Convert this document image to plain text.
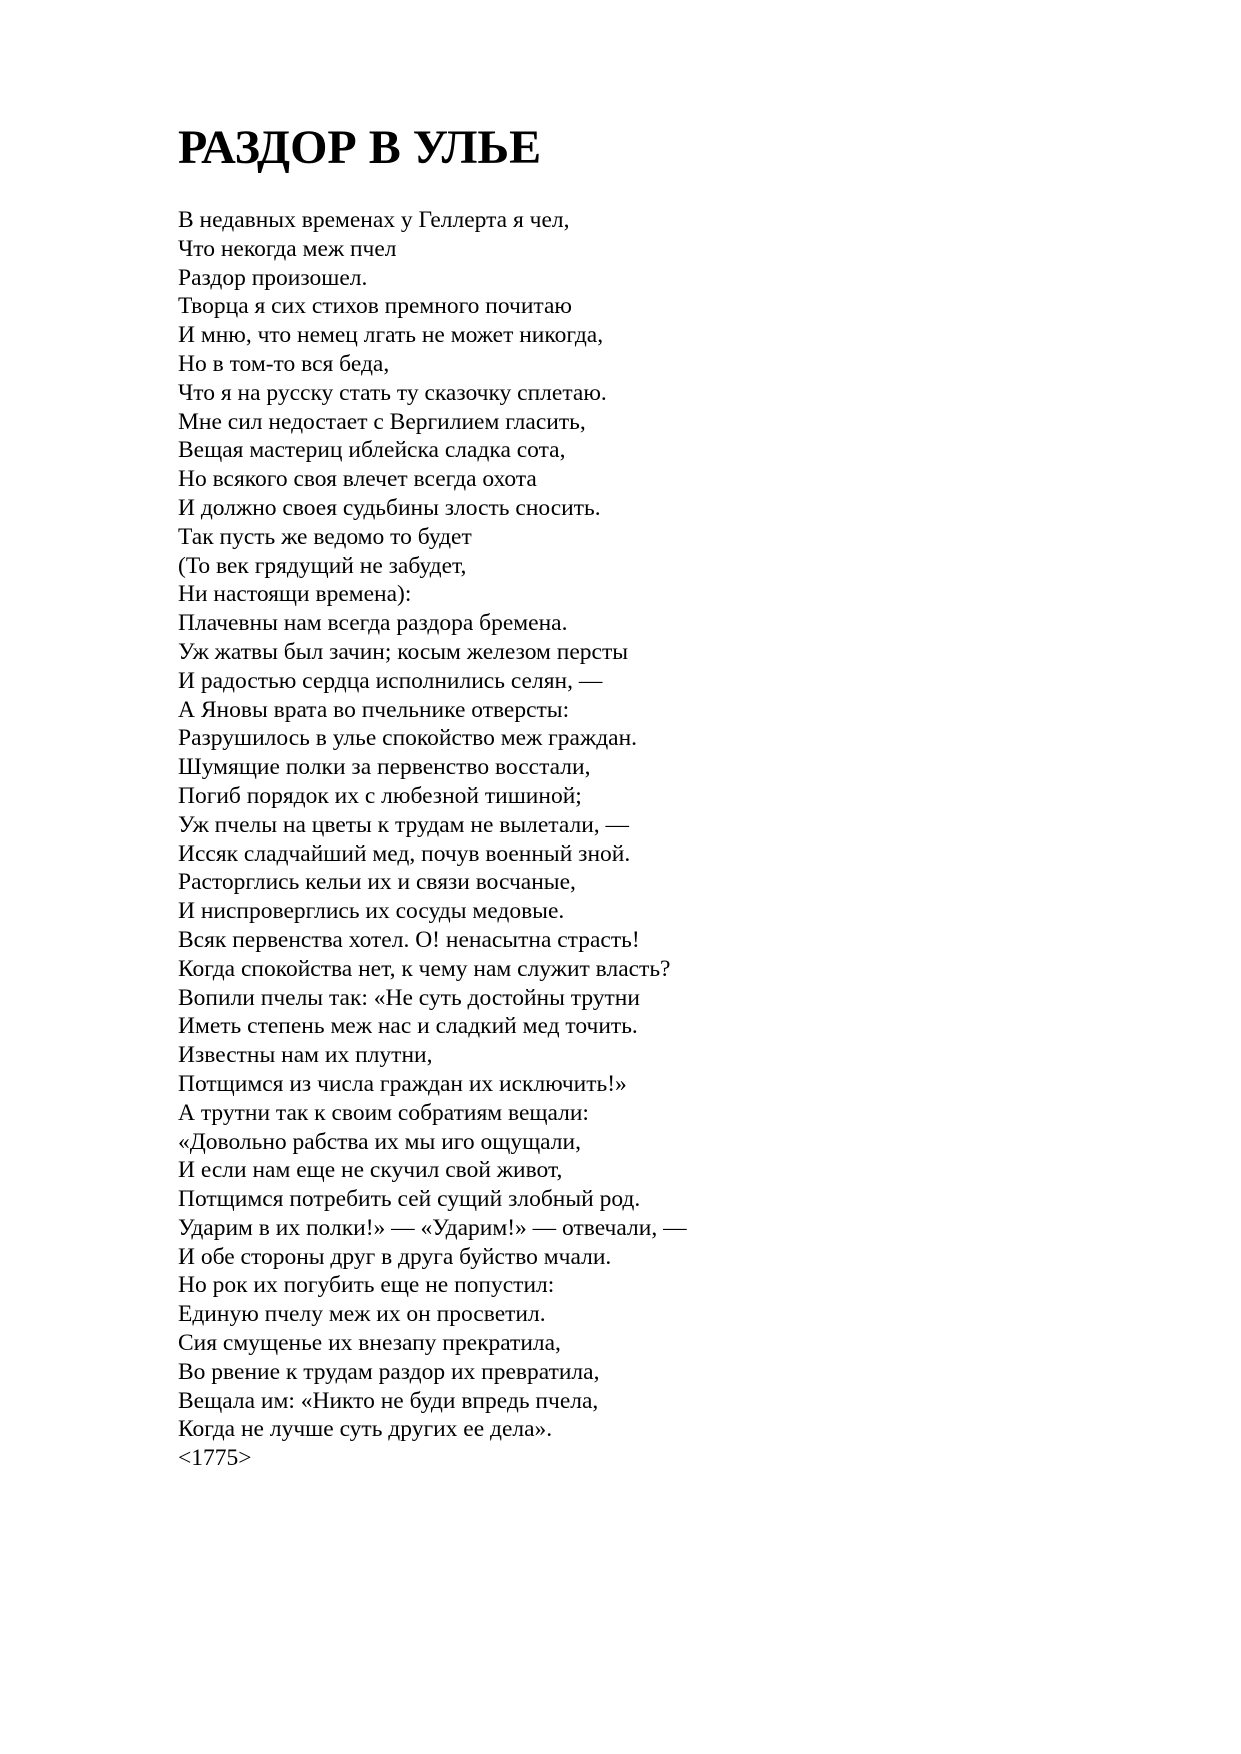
РАЗДОР В УЛЬЕ
В недавных временах у Геллерта я чел,
Что некогда меж пчел
Раздор произошел.
Творца я сих стихов премного почитаю
И мню, что немец лгать не может никогда,
Но в том-то вся беда,
Что я на русску стать ту сказочку сплетаю.
Мне сил недостает с Вергилием гласить,
Вещая мастериц иблейска сладка сота,
Но всякого своя влечет всегда охота
И должно своея судьбины злость сносить.
Так пусть же ведомо то будет
(То век грядущий не забудет,
Ни настоящи времена):
Плачевны нам всегда раздора бремена.
Уж жатвы был зачин; косым железом персты
И радостью сердца исполнились селян, —
А Яновы врата во пчельнике отверсты:
Разрушилось в улье спокойство меж граждан.
Шумящие полки за первенство восстали,
Погиб порядок их с любезной тишиной;
Уж пчелы на цветы к трудам не вылетали, —
Иссяк сладчайший мед, почув военный зной.
Расторглись кельи их и связи восчаные,
И ниспроверглись их сосуды медовые.
Всяк первенства хотел. О! ненасытна страсть!
Когда спокойства нет, к чему нам служит власть?
Вопили пчелы так: «Не суть достойны трутни
Иметь степень меж нас и сладкий мед точить.
Известны нам их плутни,
Потщимся из числа граждан их исключить!»
А трутни так к своим собратиям вещали:
«Довольно рабства их мы иго ощущали,
И если нам еще не скучил свой живот,
Потщимся потребить сей сущий злобный род.
Ударим в их полки!» — «Ударим!» — отвечали, —
И обе стороны друг в друга буйство мчали.
Но рок их погубить еще не попустил:
Единую пчелу меж их он просветил.
Сия смущенье их внезапу прекратила,
Во рвение к трудам раздор их превратила,
Вещала им: «Никто не буди впредь пчела,
Когда не лучше суть других ее дела».
<1775>
